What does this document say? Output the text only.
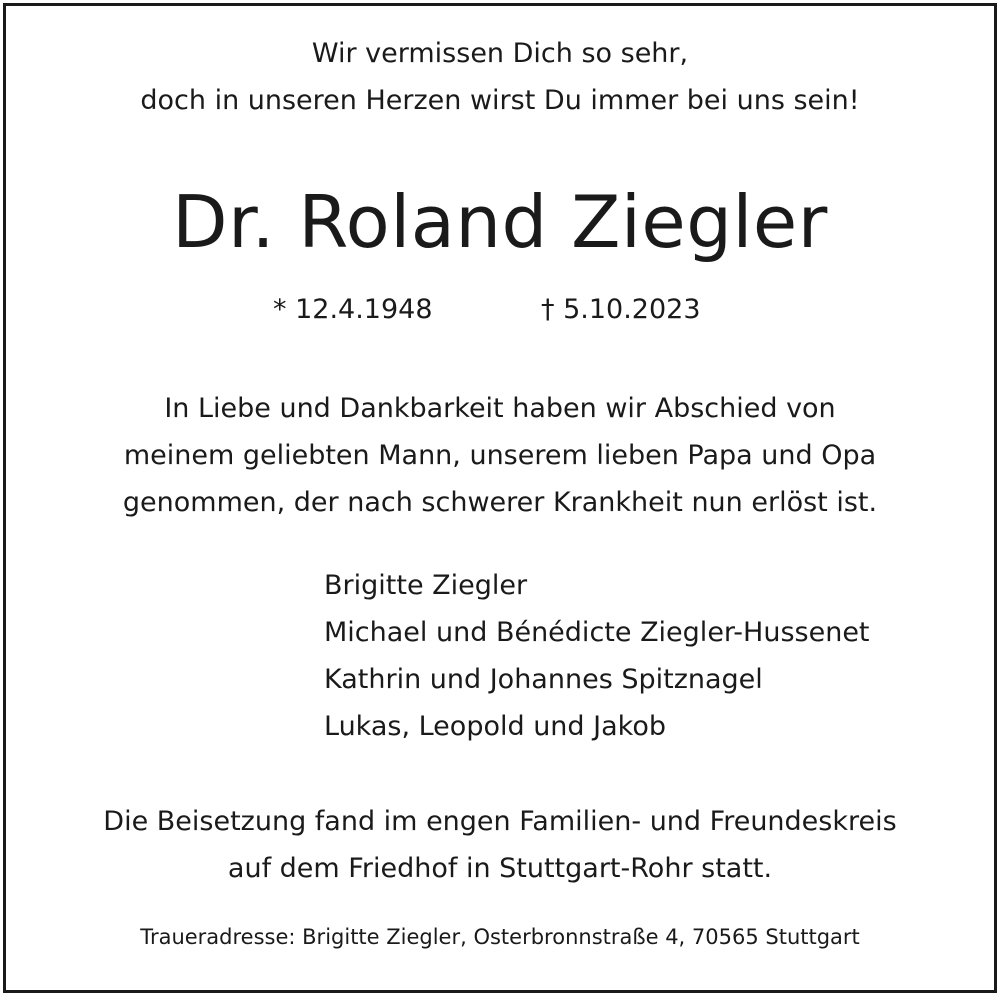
Wir vermissen Dich so sehr,
doch in unseren Herzen wirst Du immer bei uns sein!
Dr. Roland Ziegler
* 12.4.1948	† 5.10.2023
In Liebe und Dankbarkeit haben wir Abschied von
meinem geliebten Mann, unserem lieben Papa und Opa
genommen, der nach schwerer Krankheit nun erlöst ist.
Brigitte Ziegler
Michael und Bénédicte Ziegler-Hussenet
Kathrin und Johannes Spitznagel
Lukas, Leopold und Jakob
Die Beisetzung fand im engen Familien- und Freundeskreis
auf dem Friedhof in Stuttgart-Rohr statt.
Traueradresse: Brigitte Ziegler, Osterbronnstraße 4, 70565 Stuttgart
